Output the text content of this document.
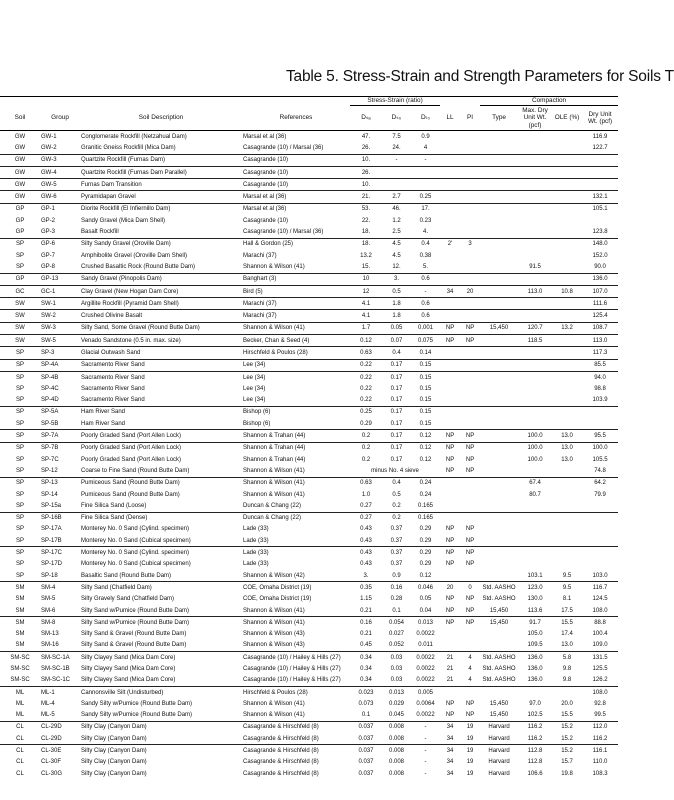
Table 5. Stress-Strain and Strength Parameters for Soils T
				Stress-Strain (ratio)					Compaction			
Soil	Group	Soil Description	References	Dₛₐ	Dₛ₀	Dₜ₀	LL	PI	Type	Max. Dry Unit Wt. (pcf)	OLE (%)	Dry Unit Wt. (pcf)
GW	GW-1	Conglomerate Rockfill (Netzahual Dam)	Marsal et al (36)	47.	7.5	0.9						116.9
GW	GW-2	Granitic Gneiss Rockfill (Mica Dam)	Casagrande (10) / Marsal (36)	26.	24.	4						122.7
GW	GW-3	Quartzite Rockfill (Furnas Dam)	Casagrande (10)	10.	-	-						
GW	GW-4	Quartzite Rockfill (Furnas Dam Parallel)	Casagrande (10)	26.								
GW	GW-5	Furnas Dam Transition	Casagrande (10)	10.								
GW	GW-6	Pyramidapan Gravel	Marsal et al (36)	21.	2.7	0.25						132.1
GP	GP-1	Diorite Rockfill (El Infiernillo Dam)	Marsal et al (36)	53.	46.	17.						105.1
GP	GP-2	Sandy Gravel (Mica Dam Shell)	Casagrande (10)	22.	1.2	0.23						
GP	GP-3	Basalt Rockfill	Casagrande (10) / Marsal (36)	18.	2.5	4.						123.8
SP	GP-6	Silty Sandy Gravel (Oroville Dam)	Hall & Gordon (25)	18.	4.5	0.4	2'	3				148.0
SP	GP-7	Amphibolite Gravel (Oroville Dam Shell)	Marachi (37)	13.2	4.5	0.38						152.0
SP	GP-8	Crushed Basaltic Rock (Round Butte Dam)	Shannon & Wilson (41)	15.	12.	5.				91.5		90.0
GP	GP-13	Sandy Gravel (Pinopolis Dam)	Banghart (3)	10	3.	0.6						136.0
GC	GC-1	Clay Gravel (New Hogan Dam Core)	Bird (5)	12	0.5	-	34	20		113.0	10.8	107.0
SW	SW-1	Argillite Rockfill (Pyramid Dam Shell)	Marachi (37)	4.1	1.8	0.6						111.6
SW	SW-2	Crushed Olivine Basalt	Marachi (37)	4.1	1.8	0.6						125.4
SW	SW-3	Silty Sand, Some Gravel (Round Butte Dam)	Shannon & Wilson (41)	1.7	0.05	0.001	NP	NP	15,450	120.7	13.2	108.7
SW	SW-5	Venado Sandstone (0.5 in. max. size)	Becker, Chan & Seed (4)	0.12	0.07	0.075	NP	NP		118.5		113.0
SP	SP-3	Glacial Outwash Sand	Hirschfeld & Poulos (28)	0.63	0.4	0.14						117.3
SP	SP-4A	Sacramento River Sand	Lee (34)	0.22	0.17	0.15						85.5
SP	SP-4B	Sacramento River Sand	Lee (34)	0.22	0.17	0.15						94.0
SP	SP-4C	Sacramento River Sand	Lee (34)	0.22	0.17	0.15						98.8
SP	SP-4D	Sacramento River Sand	Lee (34)	0.22	0.17	0.15						103.9
SP	SP-5A	Ham River Sand	Bishop (6)	0.25	0.17	0.15						
SP	SP-5B	Ham River Sand	Bishop (6)	0.29	0.17	0.15						
SP	SP-7A	Poorly Graded Sand (Port Allen Lock)	Shannon & Trahan (44)	0.2	0.17	0.12	NP	NP		100.0	13.0	95.5
SP	SP-7B	Poorly Graded Sand (Port Allen Lock)	Shannon & Trahan (44)	0.2	0.17	0.12	NP	NP		100.0	13.0	100.0
SP	SP-7C	Poorly Graded Sand (Port Allen Lock)	Shannon & Trahan (44)	0.2	0.17	0.12	NP	NP		100.0	13.0	105.5
SP	SP-12	Coarse to Fine Sand (Round Butte Dam)	Shannon & Wilson (41)	minus No. 4 sieve			NP	NP				74.8
SP	SP-13	Pumiceous Sand (Round Butte Dam)	Shannon & Wilson (41)	0.63	0.4	0.24				67.4		64.2
SP	SP-14	Pumiceous Sand (Round Butte Dam)	Shannon & Wilson (41)	1.0	0.5	0.24				80.7		79.9
SP	SP-15a	Fine Silica Sand (Loose)	Duncan & Chang (22)	0.27	0.2	0.165						
SP	SP-16B	Fine Silica Sand (Dense)	Duncan & Chang (22)	0.27	0.2	0.165						
SP	SP-17A	Monterey No. 0 Sand (Cylind. specimen)	Lade (33)	0.43	0.37	0.29	NP	NP				
SP	SP-17B	Monterey No. 0 Sand (Cubical specimen)	Lade (33)	0.43	0.37	0.29	NP	NP				
SP	SP-17C	Monterey No. 0 Sand (Cylind. specimen)	Lade (33)	0.43	0.37	0.29	NP	NP				
SP	SP-17D	Monterey No. 0 Sand (Cubical specimen)	Lade (33)	0.43	0.37	0.29	NP	NP				
SP	SP-18	Basaltic Sand (Round Butte Dam)	Shannon & Wilson (42)	3.	0.9	0.12				103.1	9.5	103.0
SM	SM-4	Silty Sand (Chatfield Dam)	COE, Omaha District (19)	0.35	0.16	0.046	20	0	Std. AASHO	123.0	9.5	116.7
SM	SM-5	Silty Gravely Sand (Chatfield Dam)	COE, Omaha District (19)	1.15	0.28	0.05	NP	NP	Std. AASHO	130.0	8.1	124.5
SM	SM-6	Silty Sand w/Pumice (Round Butte Dam)	Shannon & Wilson (41)	0.21	0.1	0.04	NP	NP	15,450	113.6	17.5	108.0
SM	SM-8	Silty Sand w/Pumice (Round Butte Dam)	Shannon & Wilson (41)	0.16	0.054	0.013	NP	NP	15,450	91.7	15.5	88.8
SM	SM-13	Silty Sand & Gravel (Round Butte Dam)	Shannon & Wilson (43)	0.21	0.027	0.0022				105.0	17.4	100.4
SM	SM-16	Silty Sand & Gravel (Round Butte Dam)	Shannon & Wilson (43)	0.45	0.052	0.011				109.5	13.0	109.0
SM-SC	SM-SC-1A	Silty Clayey Sand (Mica Dam Core)	Casagrande (10) / Hailey & Hills (27)	0.34	0.03	0.0022	21	4	Std. AASHO	136.0	5.8	131.5
SM-SC	SM-SC-1B	Silty Clayey Sand (Mica Dam Core)	Casagrande (10) / Hailey & Hills (27)	0.34	0.03	0.0022	21	4	Std. AASHO	136.0	9.8	125.5
SM-SC	SM-SC-1C	Silty Clayey Sand (Mica Dam Core)	Casagrande (10) / Hailey & Hills (27)	0.34	0.03	0.0022	21	4	Std. AASHO	136.0	9.8	126.2
ML	ML-1	Cannonsville Silt (Undisturbed)	Hirschfeld & Poulos (28)	0.023	0.013	0.005						108.0
ML	ML-4	Sandy Silty w/Pumice (Round Butte Dam)	Shannon & Wilson (41)	0.073	0.029	0.0064	NP	NP	15,450	97.0	20.0	92.8
ML	ML-5	Sandy Silty w/Pumice (Round Butte Dam)	Shannon & Wilson (41)	0.1	0.045	0.0022	NP	NP	15,450	102.5	15.5	99.5
CL	CL-29D	Silty Clay (Canyon Dam)	Casagrande & Hirschfeld (8)	0.037	0.008	-	34	19	Harvard	116.2	15.2	112.0
CL	CL-29D	Silty Clay (Canyon Dam)	Casagrande & Hirschfeld (8)	0.037	0.008	-	34	19	Harvard	116.2	15.2	116.2
CL	CL-30E	Silty Clay (Canyon Dam)	Casagrande & Hirschfeld (8)	0.037	0.008	-	34	19	Harvard	112.8	15.2	116.1
CL	CL-30F	Silty Clay (Canyon Dam)	Casagrande & Hirschfeld (8)	0.037	0.008	-	34	19	Harvard	112.8	15.7	110.0
CL	CL-30G	Silty Clay (Canyon Dam)	Casagrande & Hirschfeld (8)	0.037	0.008	-	34	19	Harvard	106.6	19.8	108.3
